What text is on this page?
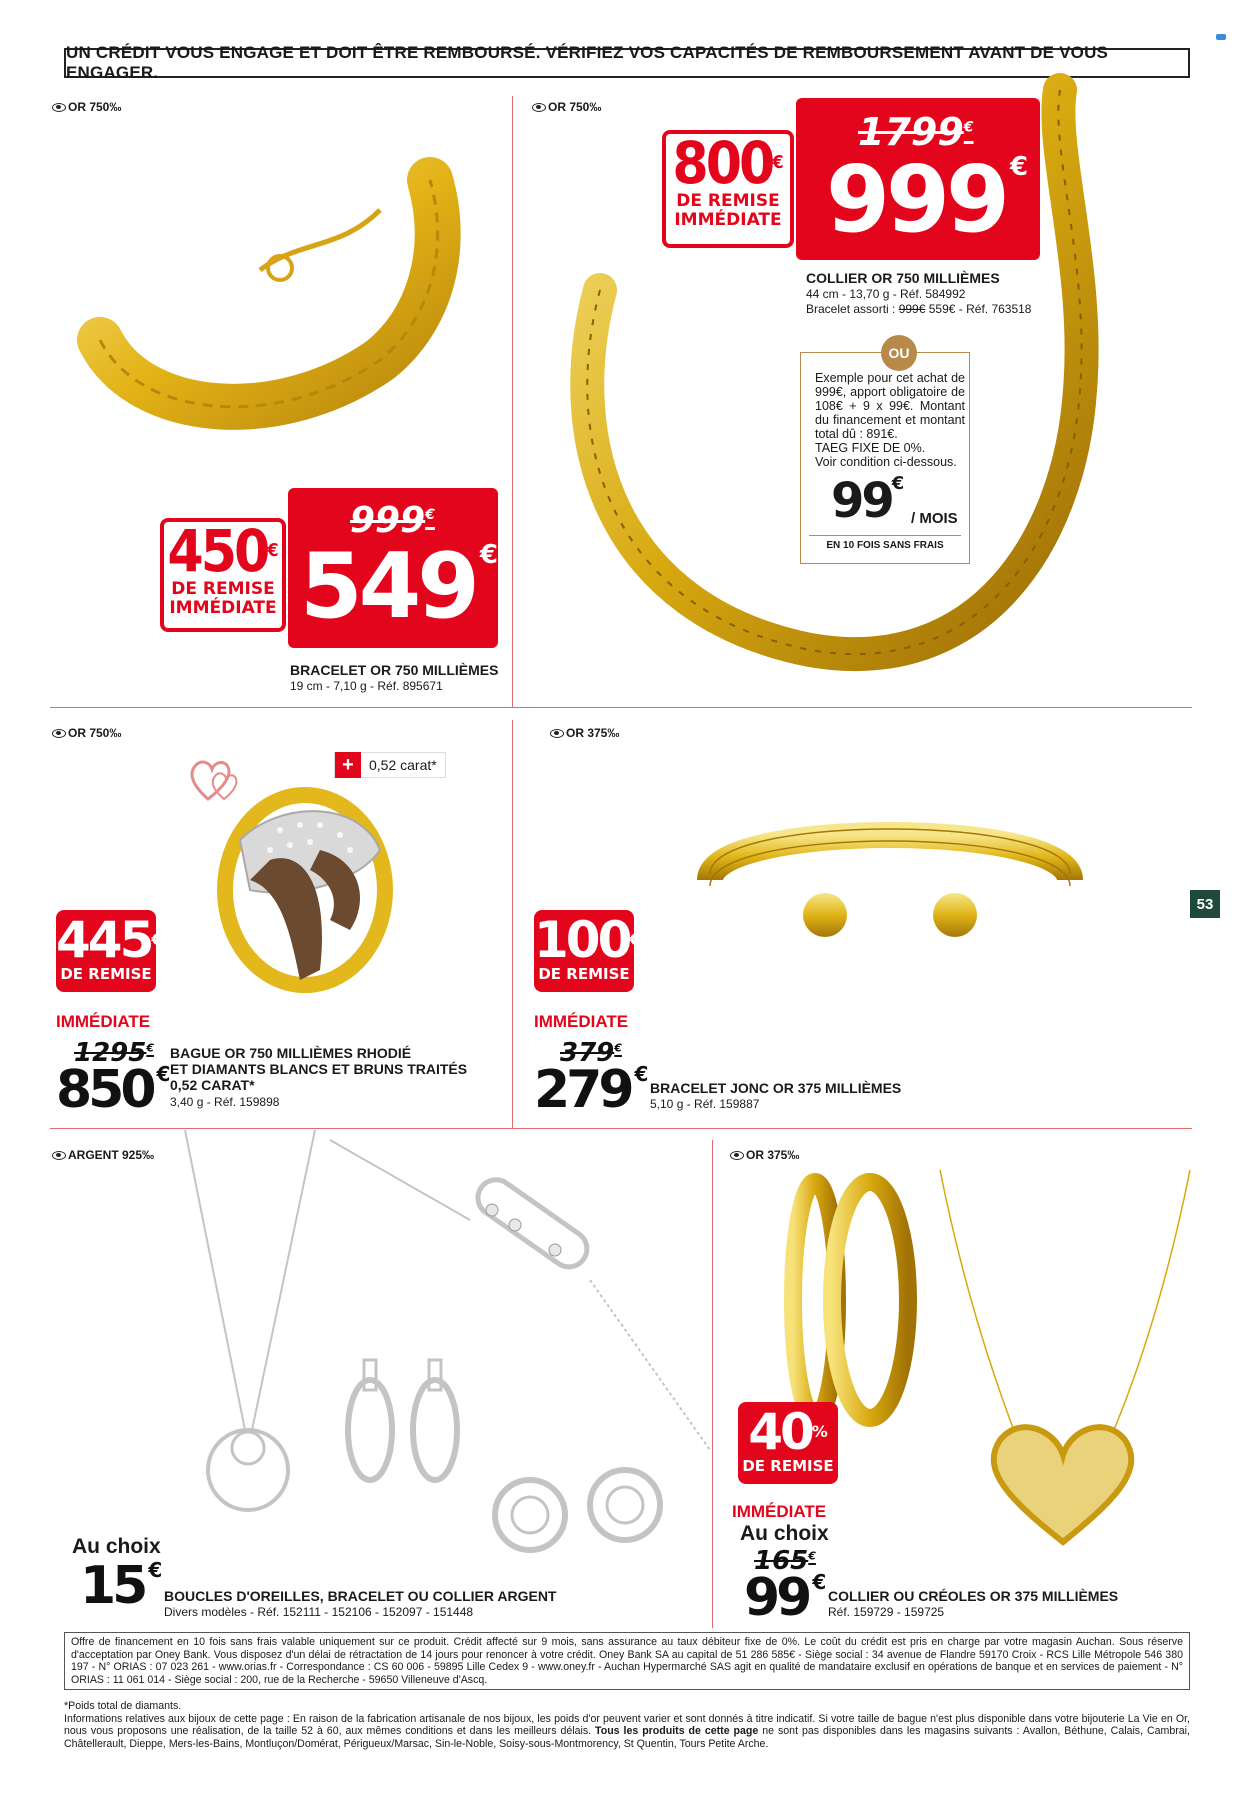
UN CRÉDIT VOUS ENGAGE ET DOIT ÊTRE REMBOURSÉ. VÉRIFIEZ VOS CAPACITÉS DE REMBOURSEMENT AVANT DE VOUS ENGAGER.
OR 750‰
450€
DE REMISE
IMMÉDIATE
999€
549 €
BRACELET OR 750 MILLIÈMES
19 cm - 7,10 g - Réf. 895671
OR 750‰
800€
DE REMISE
IMMÉDIATE
1799€
999 €
COLLIER OR 750 MILLIÈMES
44 cm - 13,70 g - Réf. 584992
Bracelet assorti : 999€ 559€ - Réf. 763518
OU
Exemple pour cet achat de 999€, apport obligatoire de 108€ + 9 x 99€. Montant du financement et montant total dû : 891€.
TAEG FIXE DE 0%.
Voir condition ci-dessous.
99€
/ MOIS
EN 10 FOIS SANS FRAIS
OR 750‰
+	0,52 carat*
445€
DE REMISE
IMMÉDIATE
1295€
850 €
BAGUE OR 750 MILLIÈMES RHODIÉ
ET DIAMANTS BLANCS ET BRUNS TRAITÉS
0,52 CARAT*
3,40 g - Réf. 159898
OR 375‰
100€
DE REMISE
IMMÉDIATE
379€
279 €
BRACELET JONC OR 375 MILLIÈMES
5,10 g - Réf. 159887
53
ARGENT 925‰
Au choix
15 €
BOUCLES D'OREILLES, BRACELET OU COLLIER ARGENT
Divers modèles - Réf. 152111 - 152106 - 152097 - 151448
OR 375‰
40%
DE REMISE
IMMÉDIATE
Au choix
165€
99 €
COLLIER OU CRÉOLES OR 375 MILLIÈMES
Réf. 159729 - 159725
Offre de financement en 10 fois sans frais valable uniquement sur ce produit. Crédit affecté sur 9 mois, sans assurance au taux débiteur fixe de 0%. Le coût du crédit est pris en charge par votre magasin Auchan. Sous réserve d'acceptation par Oney Bank. Vous disposez d'un délai de rétractation de 14 jours pour renoncer à votre crédit. Oney Bank SA au capital de 51 286 585€ - Siège social : 34 avenue de Flandre 59170 Croix - RCS Lille Métropole 546 380 197 - N° ORIAS : 07 023 261 - www.orias.fr - Correspondance : CS 60 006 - 59895 Lille Cedex 9 - www.oney.fr - Auchan Hypermarché SAS agit en qualité de mandataire exclusif en opérations de banque et en services de paiement - N° ORIAS : 11 061 014 - Siège social : 200, rue de la Recherche - 59650 Villeneuve d'Ascq.
*Poids total de diamants.
Informations relatives aux bijoux de cette page : En raison de la fabrication artisanale de nos bijoux, les poids d'or peuvent varier et sont donnés à titre indicatif. Si votre taille de bague n'est plus disponible dans votre bijouterie La Vie en Or, nous vous proposons une réalisation, de la taille 52 à 60, aux mêmes conditions et dans les meilleurs délais. Tous les produits de cette page ne sont pas disponibles dans les magasins suivants : Avallon, Béthune, Calais, Cambrai, Châtellerault, Dieppe, Mers-les-Bains, Montluçon/Domérat, Périgueux/Marsac, Sin-le-Noble, Soisy-sous-Montmorency, St Quentin, Tours Petite Arche.
